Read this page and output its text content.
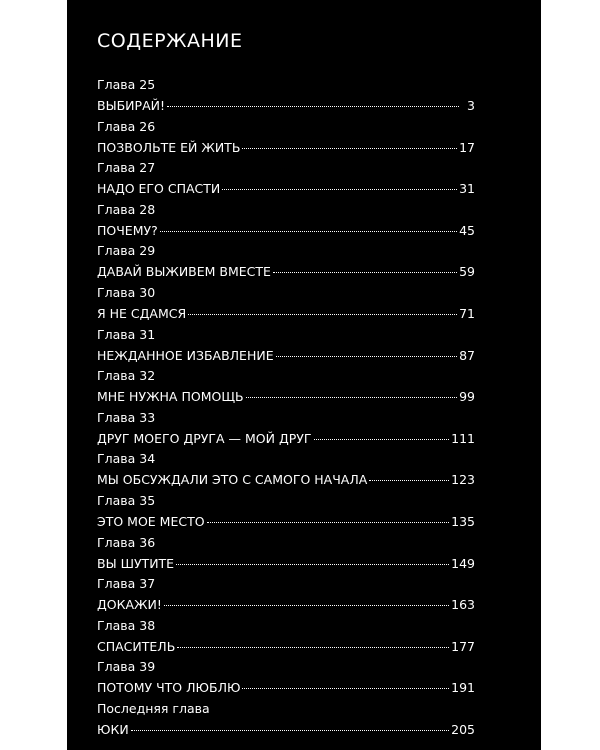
СОДЕРЖАНИЕ
Глава 25
ВЫБИРАЙ!	3
Глава 26
ПОЗВОЛЬТЕ ЕЙ ЖИТЬ	17
Глава 27
НАДО ЕГО СПАСТИ	31
Глава 28
ПОЧЕМУ?	45
Глава 29
ДАВАЙ ВЫЖИВЕМ ВМЕСТЕ	59
Глава 30
Я НЕ СДАМСЯ	71
Глава 31
НЕЖДАННОЕ ИЗБАВЛЕНИЕ	87
Глава 32
МНЕ НУЖНА ПОМОЩЬ	99
Глава 33
ДРУГ МОЕГО ДРУГА — МОЙ ДРУГ	111
Глава 34
МЫ ОБСУЖДАЛИ ЭТО С САМОГО НАЧАЛА	123
Глава 35
ЭТО МОЕ МЕСТО	135
Глава 36
ВЫ ШУТИТЕ	149
Глава 37
ДОКАЖИ!	163
Глава 38
СПАСИТЕЛЬ	177
Глава 39
ПОТОМУ ЧТО ЛЮБЛЮ	191
Последняя глава
ЮКИ	205
